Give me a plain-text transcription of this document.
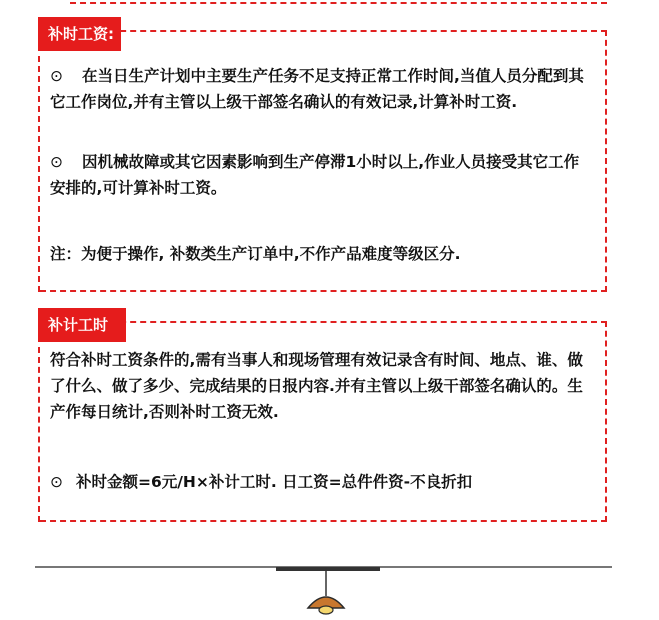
补时工资:

⊙ 在当日生产计划中主要生产任务不足支持正常工作时间,当值人员分配到其它工作岗位,并有主管以上级干部签名确认的有效记录,计算补时工资.

⊙ 因机械故障或其它因素影响到生产停滞1小时以上,作业人员接受其它工作安排的,可计算补时工资。

注：为便于操作, 补数类生产订单中,不作产品难度等级区分.

补计工时

符合补时工资条件的,需有当事人和现场管理有效记录含有时间、地点、谁、做了什么、做了多少、完成结果的日报内容.并有主管以上级干部签名确认的。生产作每日统计,否则补时工资无效.

⊙ 补时金额=6元/H×补计工时. 日工资=总件件资-不良折扣
